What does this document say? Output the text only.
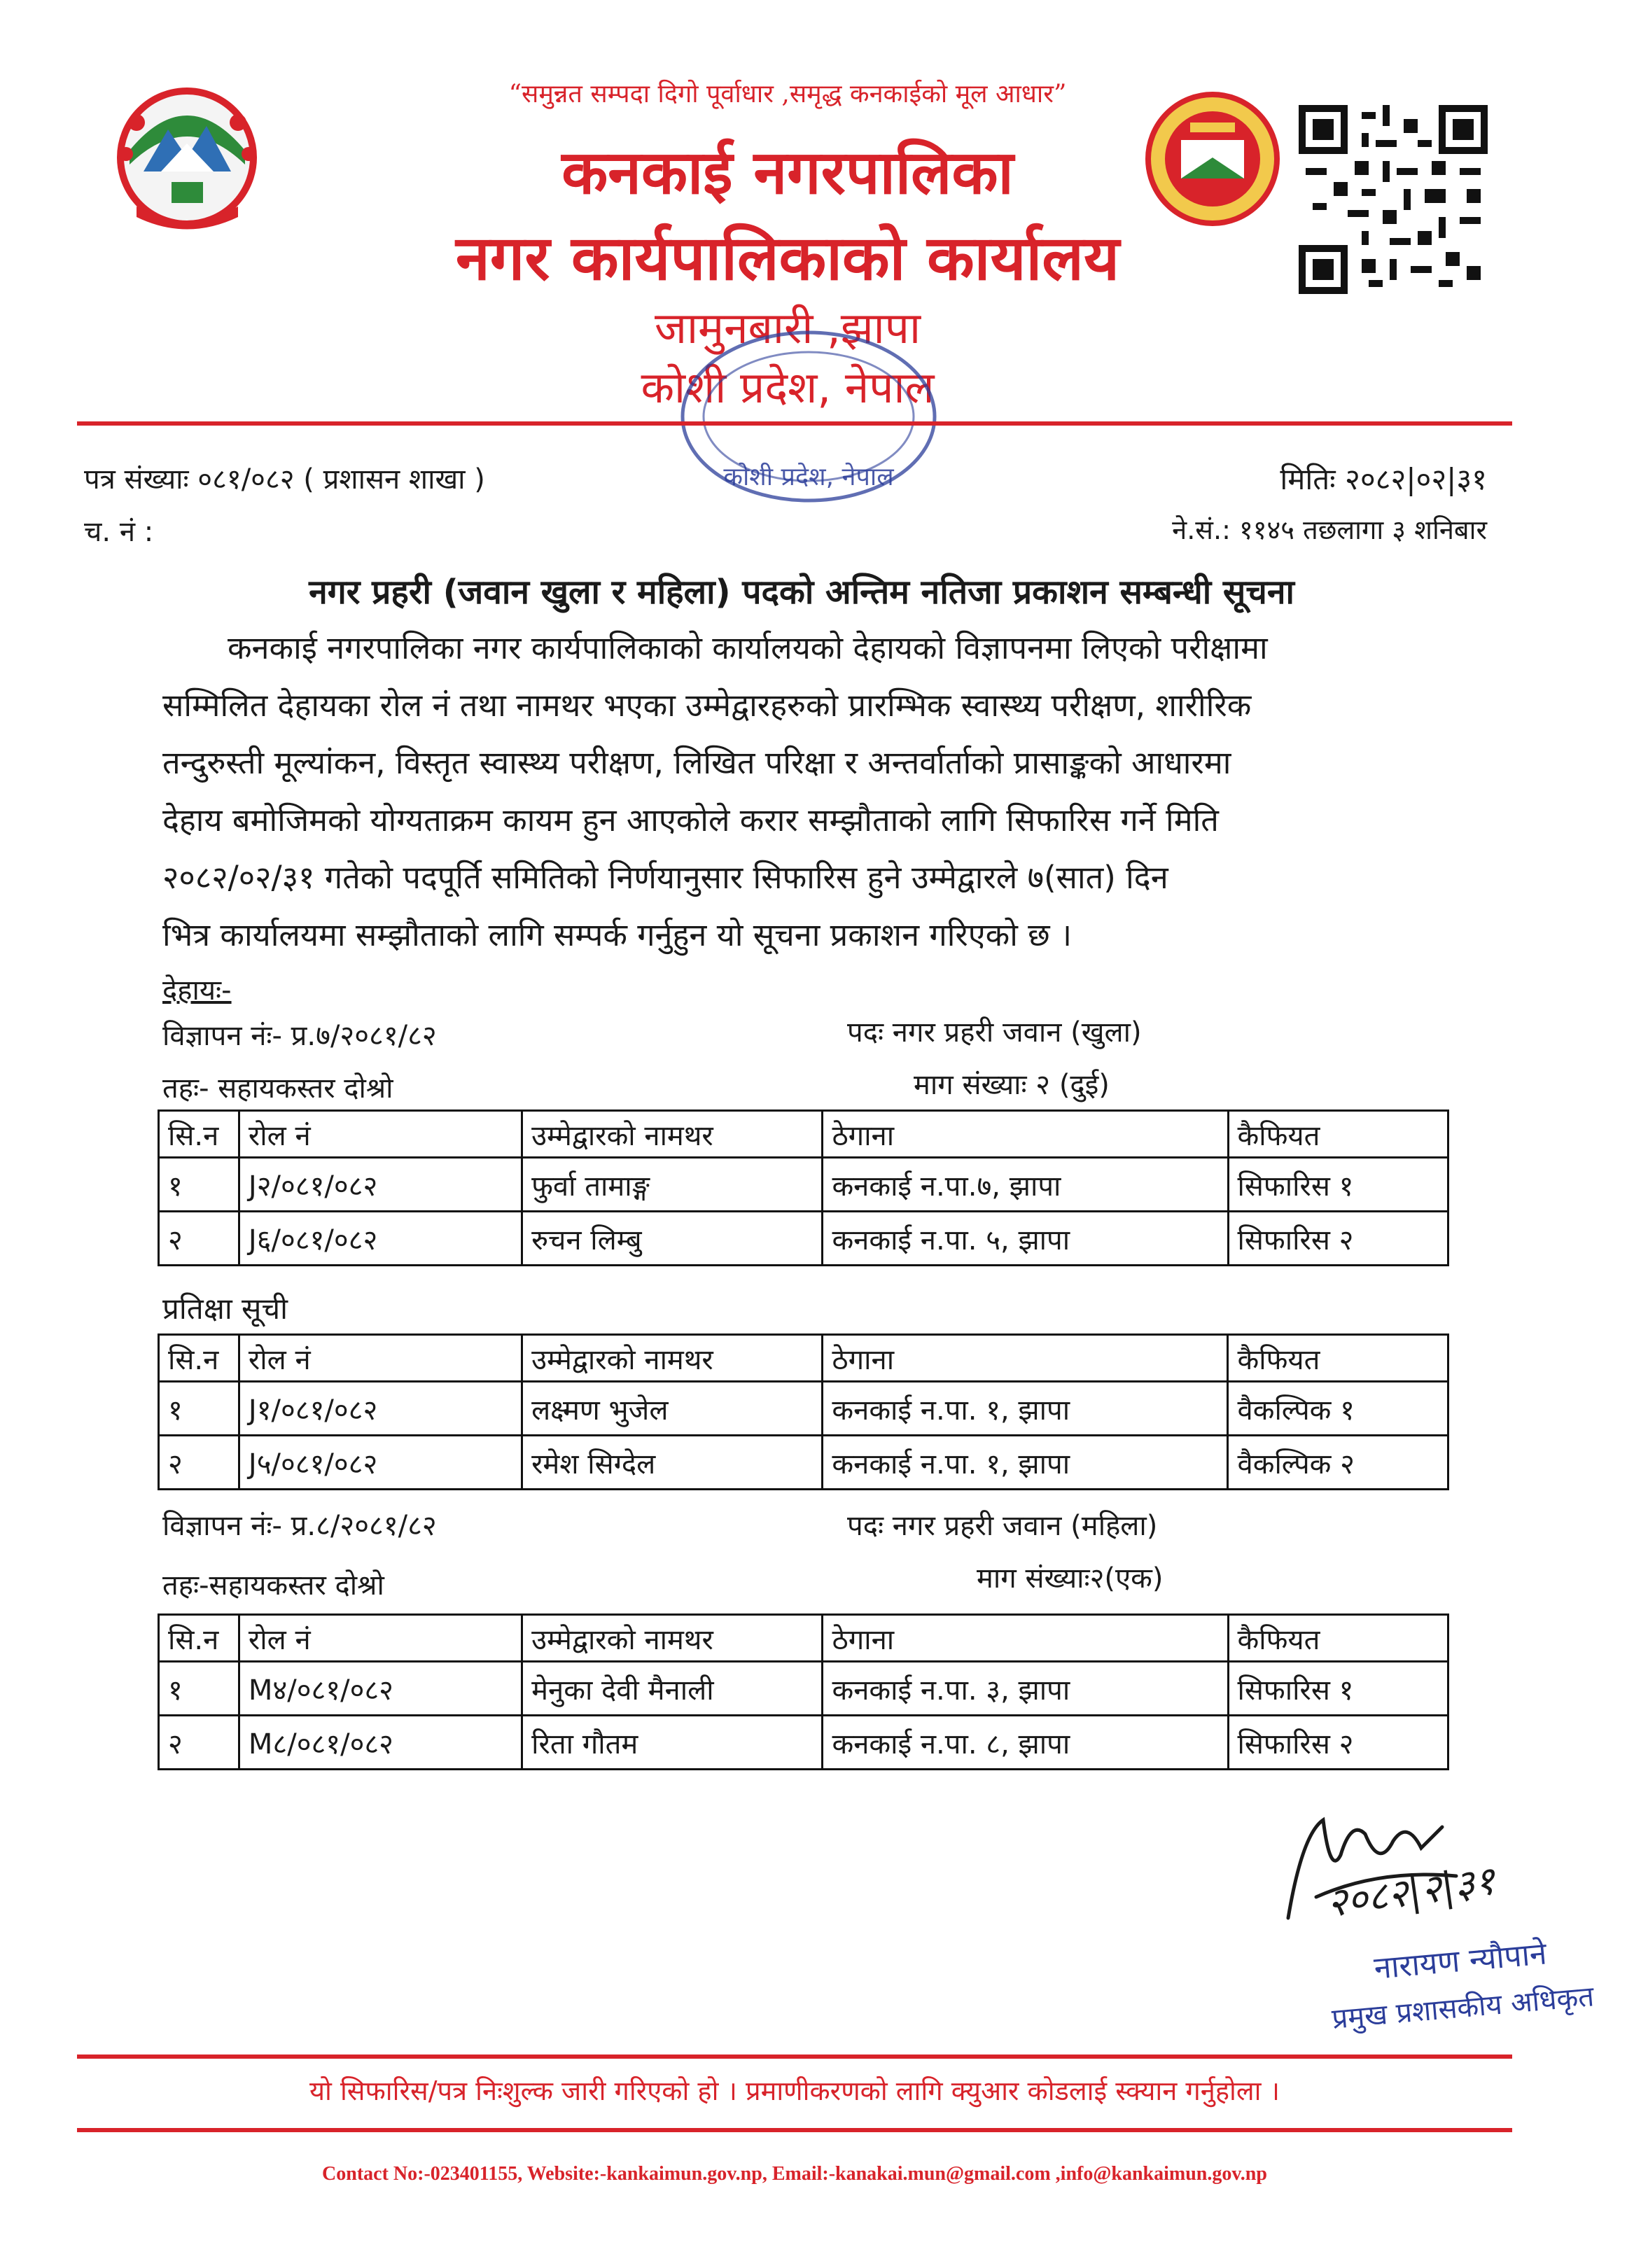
“समुन्नत सम्पदा दिगो पूर्वाधार ,समृद्ध कनकाईको मूल आधार”
कनकाई नगरपालिका
नगर कार्यपालिकाको कार्यालय
जामुनबारी ,झापा
कोशी प्रदेश, नेपाल
कोशी प्रदेश, नेपाल
पत्र संख्याः ०८१/०८२ ( प्रशासन शाखा )
च. नं :
मितिः २०८२|०२|३१
ने.सं.: ११४५ तछलागा ३ शनिबार
नगर प्रहरी (जवान खुला र महिला) पदको अन्तिम नतिजा प्रकाशन सम्बन्धी सूचना
कनकाई नगरपालिका नगर कार्यपालिकाको कार्यालयको देहायको विज्ञापनमा लिएको परीक्षामा
सम्मिलित देहायका रोल नं तथा नामथर भएका उम्मेद्वारहरुको प्रारम्भिक स्वास्थ्य परीक्षण, शारीरिक
तन्दुरुस्ती मूल्यांकन, विस्तृत स्वास्थ्य परीक्षण, लिखित परिक्षा र अन्तर्वार्ताको प्रासाङ्कको आधारमा
देहाय बमोजिमको योग्यताक्रम कायम हुन आएकोले करार सम्झौताको लागि सिफारिस गर्ने मिति
२०८२/०२/३१ गतेको पदपूर्ति समितिको निर्णयानुसार सिफारिस हुने उम्मेद्वारले ७(सात) दिन
भित्र कार्यालयमा सम्झौताको लागि सम्पर्क गर्नुहुन यो सूचना प्रकाशन गरिएको छ ।
देहायः-
विज्ञापन नंः- प्र.७/२०८१/८२	पदः नगर प्रहरी जवान (खुला)
तहः- सहायकस्तर दोश्रो	माग संख्याः २ (दुई)
सि.न	रोल नं	उम्मेद्वारको नामथर	ठेगाना	कैफियत
१	J२/०८१/०८२	फुर्वा तामाङ्ग	कनकाई न.पा.७, झापा	सिफारिस १
२	J६/०८१/०८२	रुचन लिम्बु	कनकाई न.पा. ५, झापा	सिफारिस २
प्रतिक्षा सूची
सि.न	रोल नं	उम्मेद्वारको नामथर	ठेगाना	कैफियत
१	J१/०८१/०८२	लक्ष्मण भुजेल	कनकाई न.पा. १, झापा	वैकल्पिक १
२	J५/०८१/०८२	रमेश सिग्देल	कनकाई न.पा. १, झापा	वैकल्पिक २
विज्ञापन नंः- प्र.८/२०८१/८२	पदः नगर प्रहरी जवान (महिला)
तहः-सहायकस्तर दोश्रो	माग संख्याः२(एक)
सि.न	रोल नं	उम्मेद्वारको नामथर	ठेगाना	कैफियत
१	M४/०८१/०८२	मेनुका देवी मैनाली	कनकाई न.पा. ३, झापा	सिफारिस १
२	M८/०८१/०८२	रिता गौतम	कनकाई न.पा. ८, झापा	सिफारिस २
२०८२|२|३१
नारायण न्यौपाने
प्रमुख प्रशासकीय अधिकृत
यो सिफारिस/पत्र निःशुल्क जारी गरिएको हो । प्रमाणीकरणको लागि क्युआर कोडलाई स्क्यान गर्नुहोला ।
Contact No:-023401155, Website:-kankaimun.gov.np, Email:-kanakai.mun@gmail.com ,info@kankaimun.gov.np
